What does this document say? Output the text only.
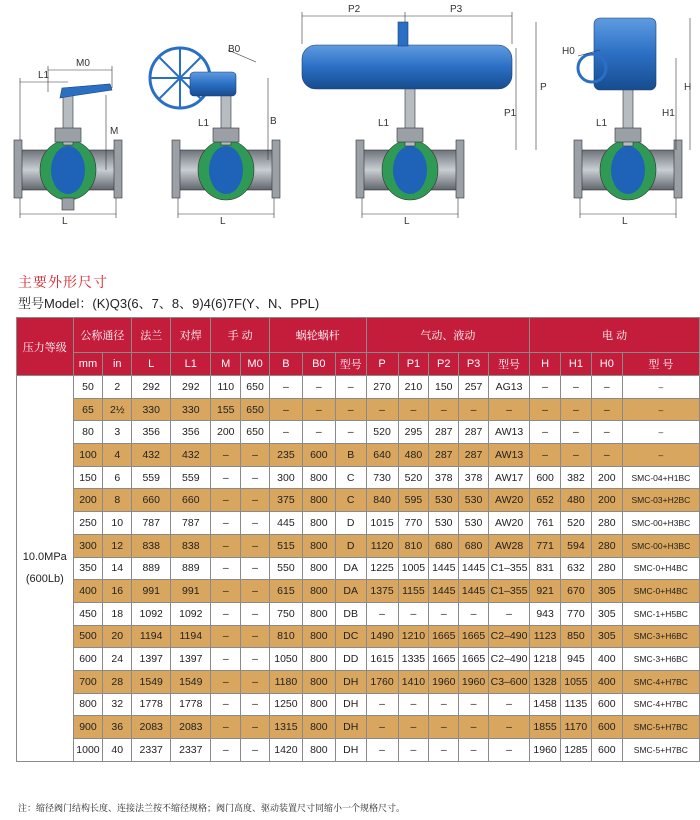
M0
L1
M
L
B0
L1	B
L
P2	P3
P
P1
L1
L
H0
L1
H
H1
L
主要外形尺寸
型号Model：(K)Q3(6、7、8、9)4(6)7F(Y、N、PPL)
压力等级	公称通径		法兰	对焊	手 动		蜗轮蜗杆			气动、液动					电 动			
	mm	in	L	L1	M	M0	B	B0	型号	P	P1	P2	P3	型号	H	H1	H0	型 号

10.0MPa
(600Lb)	50	2	292	292	110	650	–	–	–	270	210	150	257	AG13	–	–	–	–
	65	2½	330	330	155	650	–	–	–	–	–	–	–	–	–	–	–	–
	80	3	356	356	200	650	–	–	–	520	295	287	287	AW13	–	–	–	–
	100	4	432	432	–	–	235	600	B	640	480	287	287	AW13	–	–	–	–
	150	6	559	559	–	–	300	800	C	730	520	378	378	AW17	600	382	200	SMC-04+H1BC
	200	8	660	660	–	–	375	800	C	840	595	530	530	AW20	652	480	200	SMC-03+H2BC
	250	10	787	787	–	–	445	800	D	1015	770	530	530	AW20	761	520	280	SMC-00+H3BC
	300	12	838	838	–	–	515	800	D	1120	810	680	680	AW28	771	594	280	SMC-00+H3BC
	350	14	889	889	–	–	550	800	DA	1225	1005	1445	1445	C1–355	831	632	280	SMC-0+H4BC
	400	16	991	991	–	–	615	800	DA	1375	1155	1445	1445	C1–355	921	670	305	SMC-0+H4BC
	450	18	1092	1092	–	–	750	800	DB	–	–	–	–	–	943	770	305	SMC-1+H5BC
	500	20	1194	1194	–	–	810	800	DC	1490	1210	1665	1665	C2–490	1123	850	305	SMC-3+H6BC
	600	24	1397	1397	–	–	1050	800	DD	1615	1335	1665	1665	C2–490	1218	945	400	SMC-3+H6BC
	700	28	1549	1549	–	–	1180	800	DH	1760	1410	1960	1960	C3–600	1328	1055	400	SMC-4+H7BC
	800	32	1778	1778	–	–	1250	800	DH	–	–	–	–	–	1458	1135	600	SMC-4+H7BC
	900	36	2083	2083	–	–	1315	800	DH	–	–	–	–	–	1855	1170	600	SMC-5+H7BC
	1000	40	2337	2337	–	–	1420	800	DH	–	–	–	–	–	1960	1285	600	SMC-5+H7BC
注：缩径阀门结构长度、连接法兰按不缩径规格；阀门高度、驱动装置尺寸同缩小一个规格尺寸。
